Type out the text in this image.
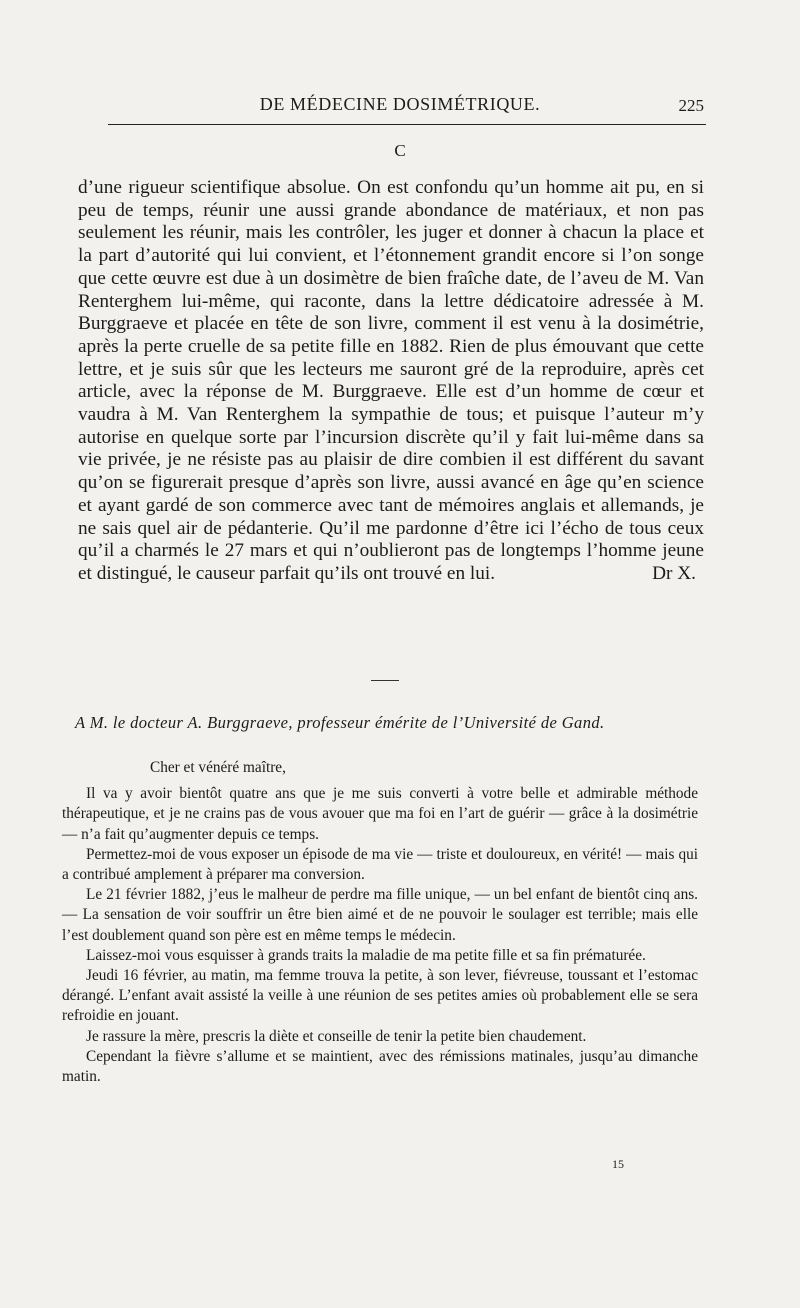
DE MÉDECINE DOSIMÉTRIQUE.	225
C

d’une rigueur scientifique absolue. On est confondu qu’un homme ait pu, en si peu de temps, réunir une aussi grande abondance de matériaux, et non pas seulement les réunir, mais les contrôler, les juger et donner à chacun la place et la part d’autorité qui lui convient, et l’étonnement grandit encore si l’on songe que cette œuvre est due à un dosimètre de bien fraîche date, de l’aveu de M. Van Renterghem lui-même, qui raconte, dans la lettre dédicatoire adressée à M. Burggraeve et placée en tête de son livre, comment il est venu à la dosimétrie, après la perte cruelle de sa petite fille en 1882. Rien de plus émouvant que cette lettre, et je suis sûr que les lecteurs me sauront gré de la reproduire, après cet article, avec la réponse de M. Burggraeve. Elle est d’un homme de cœur et vaudra à M. Van Renterghem la sympathie de tous; et puisque l’auteur m’y autorise en quelque sorte par l’incursion discrète qu’il y fait lui-même dans sa vie privée, je ne résiste pas au plaisir de dire combien il est différent du savant qu’on se figurerait presque d’après son livre, aussi avancé en âge qu’en science et ayant gardé de son commerce avec tant de mémoires anglais et allemands, je ne sais quel air de pédanterie. Qu’il me pardonne d’être ici l’écho de tous ceux qu’il a charmés le 27 mars et qui n’oublieront pas de longtemps l’homme jeune et distingué, le causeur parfait qu’ils ont trouvé en lui.	Dr X.

A M. le docteur A. Burggraeve, professeur émérite de l’Université de Gand.

Cher et vénéré maître,

Il va y avoir bientôt quatre ans que je me suis converti à votre belle et admirable méthode thérapeutique, et je ne crains pas de vous avouer que ma foi en l’art de guérir — grâce à la dosimétrie — n’a fait qu’augmenter depuis ce temps.

Permettez-moi de vous exposer un épisode de ma vie — triste et douloureux, en vérité! — mais qui a contribué amplement à préparer ma conversion.

Le 21 février 1882, j’eus le malheur de perdre ma fille unique, — un bel enfant de bientôt cinq ans. — La sensation de voir souffrir un être bien aimé et de ne pouvoir le soulager est terrible; mais elle l’est doublement quand son père est en même temps le médecin.

Laissez-moi vous esquisser à grands traits la maladie de ma petite fille et sa fin prématurée.

Jeudi 16 février, au matin, ma femme trouva la petite, à son lever, fiévreuse, toussant et l’estomac dérangé. L’enfant avait assisté la veille à une réunion de ses petites amies où probablement elle se sera refroidie en jouant.

Je rassure la mère, prescris la diète et conseille de tenir la petite bien chaudement.

Cependant la fièvre s’allume et se maintient, avec des rémissions matinales, jusqu’au dimanche matin.

15
